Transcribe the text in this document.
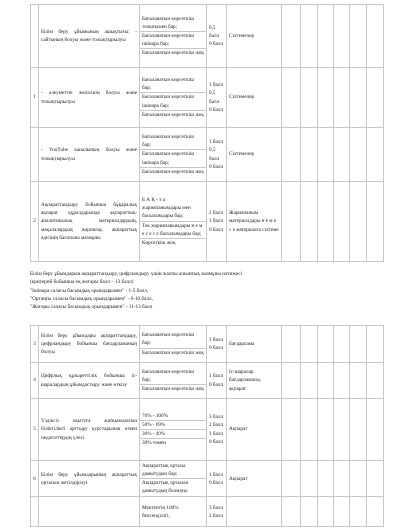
	Білім беру ұйымының ашықтығы: - сайтының болуы және толықтырылуы	Бағаланатын көрсеткіш толығымен бар;
Бағаланатын көрсеткіш ішінара бар;
Бағаланатын көрсеткіш жоқ	0,5 балл
0 балл	Сілтемелер						
1	- әлеуметтік желісінің болуы және толықтырылуы	Бағаланатын көрсеткіш бар;
Бағаланатын көрсеткіш ішінара бар;
Бағаланатын көрсеткіш жоқ	1 балл
0,5 балл
0 балл	Сілтемелер						
	- YouTube каналының болуы және толықтырылуы	Бағаланатын көрсеткіш бар;
Бағаланатын көрсеткіш ішінара бар;
Бағаланатын көрсеткіш жоқ	1 балл
0,5 балл
0 балл	Сілтемелер						
2	Ақпараттандыру бойынша бұқаралық ақпарат құралдарында ақпараттық-аналитикалық материалдардың, мақалалардың жариялау, ақпараттық әдісінің бағасына мазмұны	Б А Қ - т а жарияланымдары мен басылымдары бар;
Тек жарияланымдары н е м е с е с е басылымдары бар;
Көрсеткіш жоқ	2 балл
1 балл
0 балл	Жарияланым материалдары н е м е с е материалға сілтеме						
Білім беру ұйымдарын ақпараттандыру, цифрландыру үшін жалпы жиынтық мазмұны нәтижесі
(критерий бойынша ең жоғары балл – 13 балл)
"Ішінара саласы басымдық орындарымен" - 1-5 балл,
"Ортаңғы саласы басымдық орындарымен" - 6-10 балл,
"Жоғары саласы басымдық орындарымен" - 11-13 балл
3	Білім беру ұйымдары ақпараттандыру, цифрландыру бойынша бағдарламаның болуы	Бағаланатын көрсеткіш бар;
Бағаланатын көрсеткіш жоқ	1 балл
0 балл	Бағдарлама						
4	Цифрлық құзыреттілік бойынша іс-шаралардың ұйымдастыру және өткізу	Бағаланатын көрсеткіш бар;
Бағаланатын көрсеткіш жоқ	1 балл
0 балл	Іс-шаралар бағдарламасы, ақпарат						
5	Үздіксіз оқытуға жатқызылатын біліктілікті арттыру курстарынан өткен педагогтердің үлесі	70% - 100%
50% - 69%
30% - 49%
30% төмен	3 балл
2 балл
1 балл
0 балл	Ақпарат						
6	Білім беру ұйымдарының ақпараттық ортасын жетілдірілуі	Ақпараттық ортасы дамытудың бар;
Ақпараттық ортасын дамытудың болмауы	1 балл
0 балл	Ақпарат						

		Мектептің 100% белсенділігі,	3 балл
2 балл							
